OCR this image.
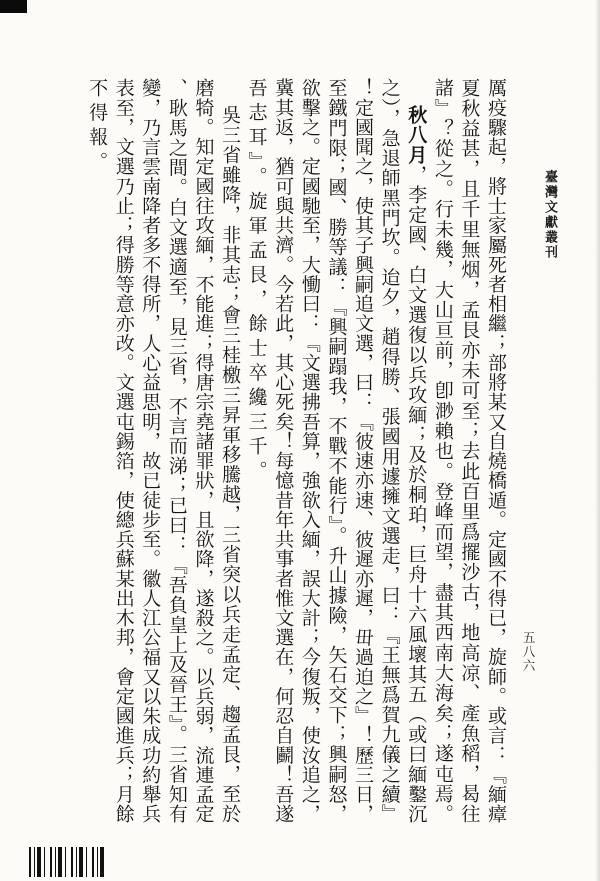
臺灣文獻叢刊
五八六
厲疫驟起，將士家屬死者相繼；部將某又自燒橋遁。定國不得已，旋師。或言：『緬瘴
夏秋益甚，且千里無烟，孟艮亦未可至；去此百里爲擺沙古，地高凉、產魚稻，曷往
諸』？從之。行未幾，大山亘前，卽渺賴也。登峰而望，盡其西南大海矣；遂屯焉。
秋八月，李定國、白文選復以兵攻緬；及於桐珀，巨舟十六風壞其五（或曰緬鑿沉
之），急退師黑門坎。迨夕，趙得勝、張國用遽擁文選走，曰：『王無爲賀九儀之續』
！定國聞之，使其子興嗣追文選，曰：『彼速亦速、彼遲亦遲，毌過迫之』！歷三日，
至鐵門限；國、勝等議：『興嗣蹋我，不戰不能行』。升山據險，矢石交下；興嗣怒，
欲擊之。定國馳至，大慟曰：『文選拂吾算，強欲入緬，誤大計；今復叛，使汝追之，
冀其返，猶可與共濟。今若此，其心死矣！每憶昔年共事者惟文選在，何忍自鬬！吾遂
吾志耳』。旋軍孟艮，餘士卒纔三千。
吳三省雖降，非其志；會三桂檄三昇軍移騰越，三省突以兵走孟定、趨孟艮，至於
磨犄。知定國往攻緬，不能進；得唐宗堯諸罪狀，且欲降，遂殺之。以兵弱，流連孟定
、耿馬之間。白文選適至，見三省，不言而涕；已曰：『吾負皇上及晉王』。三省知有
變，乃言雲南降者多不得所，人心益思明，故已徒步至。徽人江公福又以朱成功約舉兵
表至，文選乃止；得勝等意亦改。文選屯錫箔，使總兵蘇某出木邦，會定國進兵；月餘
不得報。
